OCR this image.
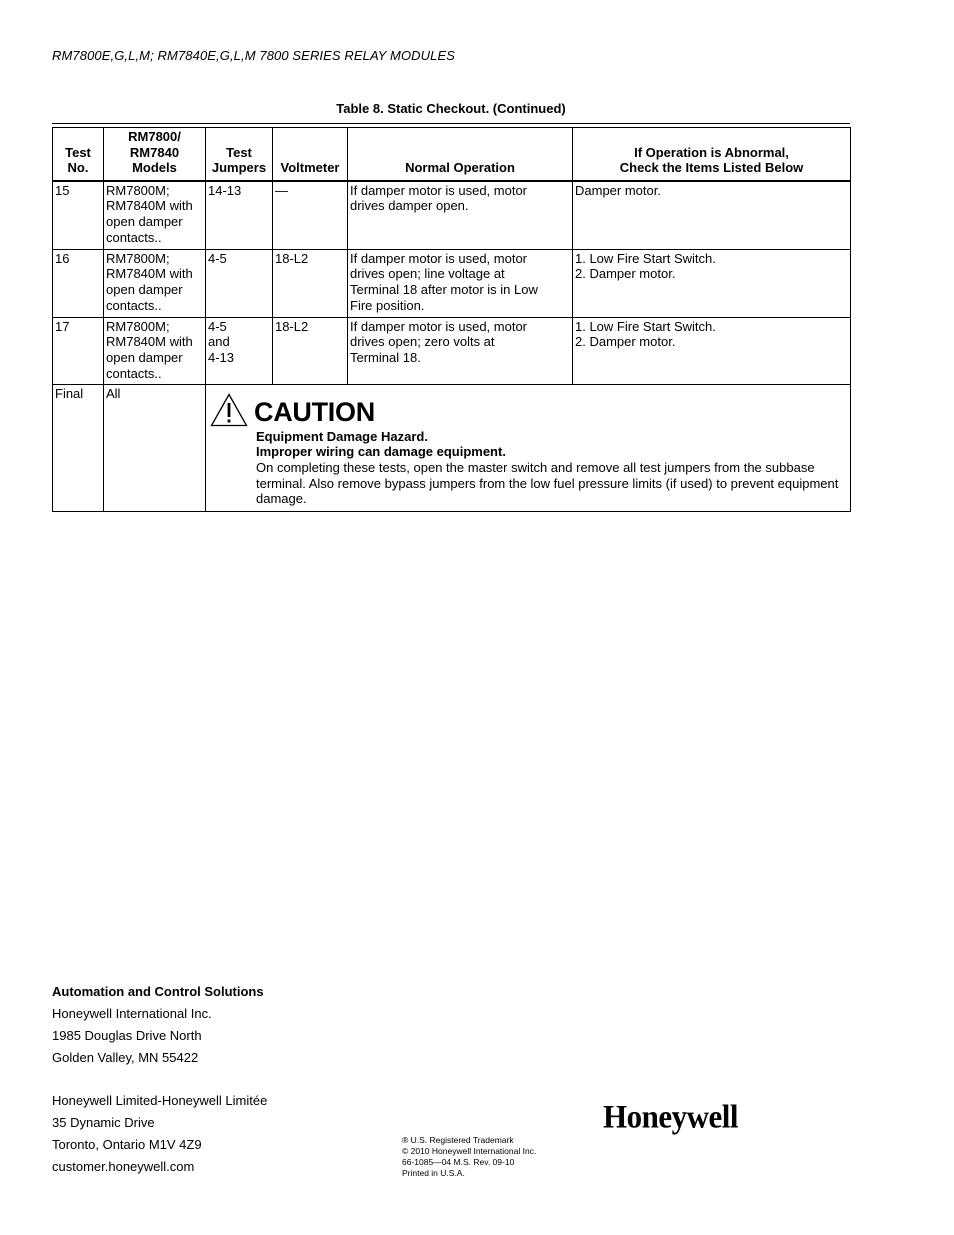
RM7800E,G,L,M; RM7840E,G,L,M 7800 SERIES RELAY MODULES
Table 8. Static Checkout. (Continued)
Test
No.	RM7800/
RM7840
Models	Test
Jumpers	Voltmeter	Normal Operation	If Operation is Abnormal,
Check the Items Listed Below
15	RM7800M;
RM7840M with
open damper
contacts..	14-13	—	If damper motor is used, motor
drives damper open.	Damper motor.
16	RM7800M;
RM7840M with
open damper
contacts..	4-5	18-L2	If damper motor is used, motor
drives open; line voltage at
Terminal 18 after motor is in Low
Fire position.	1. Low Fire Start Switch.
2. Damper motor.
17	RM7800M;
RM7840M with
open damper
contacts..	4-5
and
4-13	18-L2	If damper motor is used, motor
drives open; zero volts at
Terminal 18.	1. Low Fire Start Switch.
2. Damper motor.
Final	All	CAUTION
Equipment Damage Hazard.
Improper wiring can damage equipment.
On completing these tests, open the master switch and remove all test jumpers from the subbase terminal. Also remove bypass jumpers from the low fuel pressure limits (if used) to prevent equipment damage.			
Automation and Control Solutions
Honeywell International Inc.
1985 Douglas Drive North
Golden Valley, MN 55422
Honeywell Limited-Honeywell Limitée
35 Dynamic Drive
Toronto, Ontario M1V 4Z9
customer.honeywell.com
® U.S. Registered Trademark
© 2010 Honeywell International Inc.
66-1085—04 M.S. Rev. 09-10
Printed in U.S.A.
Honeywell
